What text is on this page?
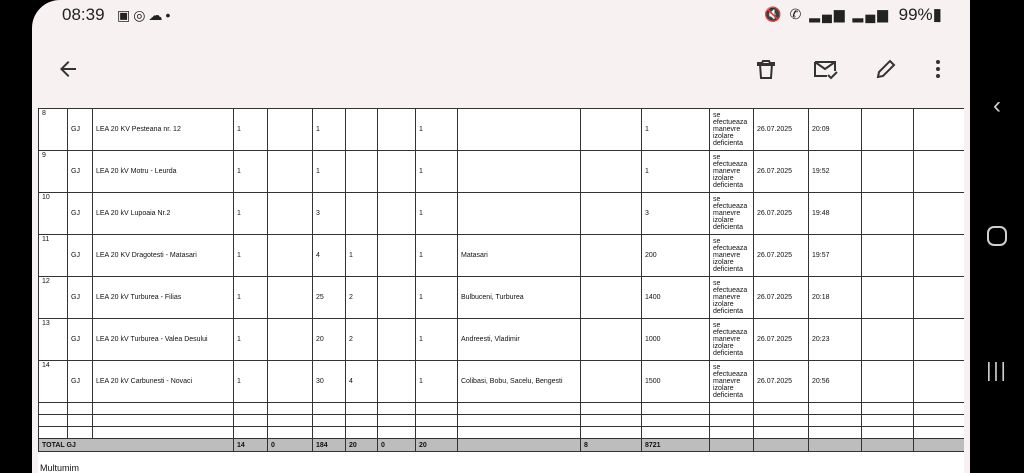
08:39 ▣◎☁•	🔇 ✆ ▂▄▆ ▂▄▆ 99%▮
8	GJ	LEA 20 KV Pesteana nr. 12	1		1			1			1	se efectueaza manevre izolare deficienta	26.07.2025	20:09		
9	GJ	LEA 20 kV Motru - Leurda	1		1			1			1	se efectueaza manevre izolare deficienta	26.07.2025	19:52		
10	GJ	LEA 20 kV Lupoaia Nr.2	1		3			1			3	se efectueaza manevre izolare deficienta	26.07.2025	19:48		
11	GJ	LEA 20 KV Dragotesti - Matasari	1		4	1		1	Matasari		200	se efectueaza manevre izolare deficienta	26.07.2025	19:57		
12	GJ	LEA 20 kV Turburea - Filias	1		25	2		1	Bulbuceni, Turburea		1400	se efectueaza manevre izolare deficienta	26.07.2025	20:18		
13	GJ	LEA 20 kV Turburea - Valea Desului	1		20	2		1	Andreesti, Vladimir		1000	se efectueaza manevre izolare deficienta	26.07.2025	20:23		
14	GJ	LEA 20 kV Carbunesti - Novaci	1		30	4		1	Colibasi, Bobu, Sacelu, Bengesti		1500	se efectueaza manevre izolare deficienta	26.07.2025	20:56		

TOTAL GJ			14	0	184	20	0	20		8	8721					
Multumim
‹
|||
